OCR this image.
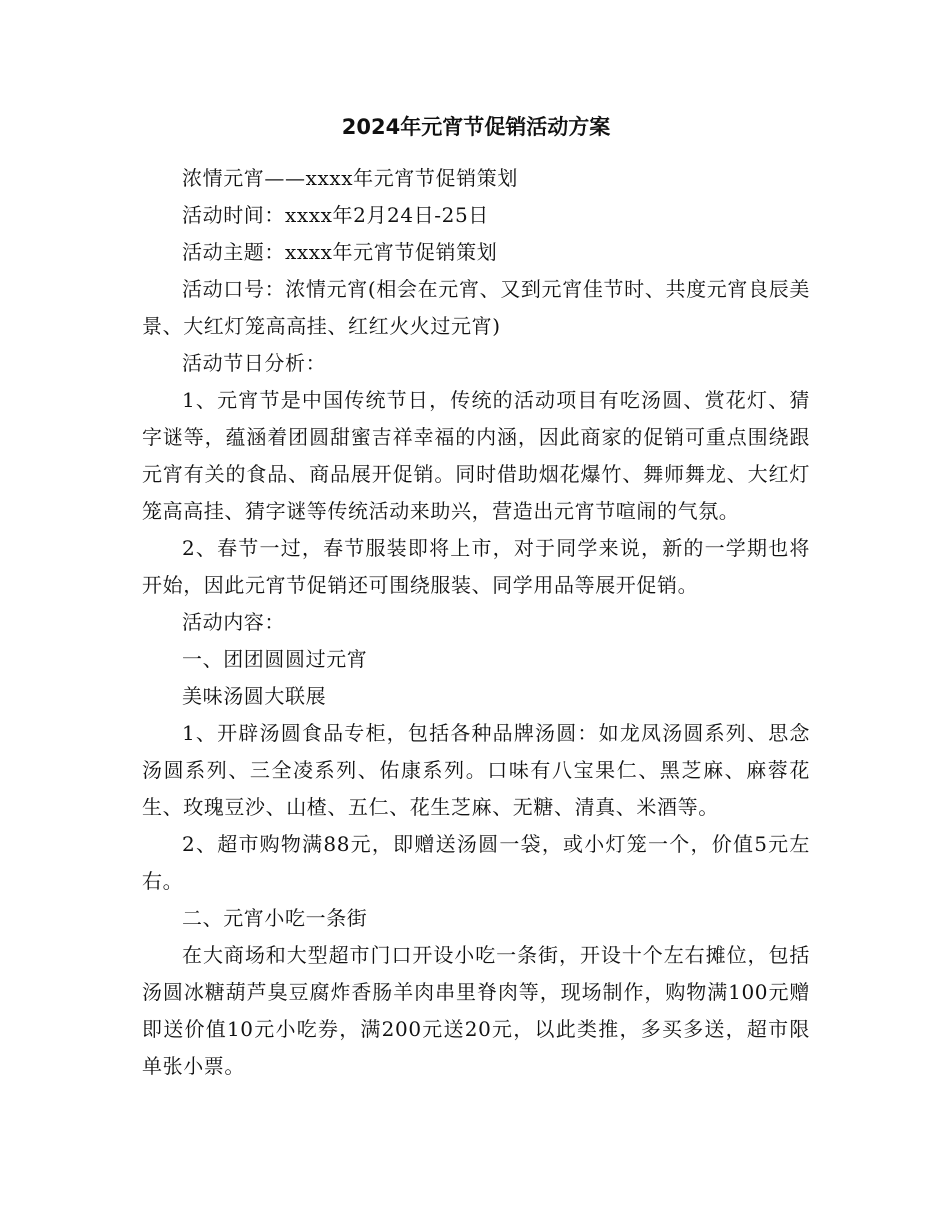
2024年元宵节促销活动方案

浓情元宵——xxxx年元宵节促销策划

活动时间：xxxx年2月24日-25日

活动主题：xxxx年元宵节促销策划

活动口号：浓情元宵(相会在元宵、又到元宵佳节时、共度元宵良辰美景、大红灯笼高高挂、红红火火过元宵)

活动节日分析：

1、元宵节是中国传统节日，传统的活动项目有吃汤圆、赏花灯、猜字谜等，蕴涵着团圆甜蜜吉祥幸福的内涵，因此商家的促销可重点围绕跟元宵有关的食品、商品展开促销。同时借助烟花爆竹、舞师舞龙、大红灯笼高高挂、猜字谜等传统活动来助兴，营造出元宵节喧闹的气氛。

2、春节一过，春节服装即将上市，对于同学来说，新的一学期也将开始，因此元宵节促销还可围绕服装、同学用品等展开促销。

活动内容：

一、团团圆圆过元宵

美味汤圆大联展

1、开辟汤圆食品专柜，包括各种品牌汤圆：如龙凤汤圆系列、思念汤圆系列、三全凌系列、佑康系列。口味有八宝果仁、黑芝麻、麻蓉花生、玫瑰豆沙、山楂、五仁、花生芝麻、无糖、清真、米酒等。

2、超市购物满88元，即赠送汤圆一袋，或小灯笼一个，价值5元左右。

二、元宵小吃一条街

在大商场和大型超市门口开设小吃一条街，开设十个左右摊位，包括汤圆冰糖葫芦臭豆腐炸香肠羊肉串里脊肉等，现场制作，购物满100元赠即送价值10元小吃券，满200元送20元，以此类推，多买多送，超市限单张小票。
